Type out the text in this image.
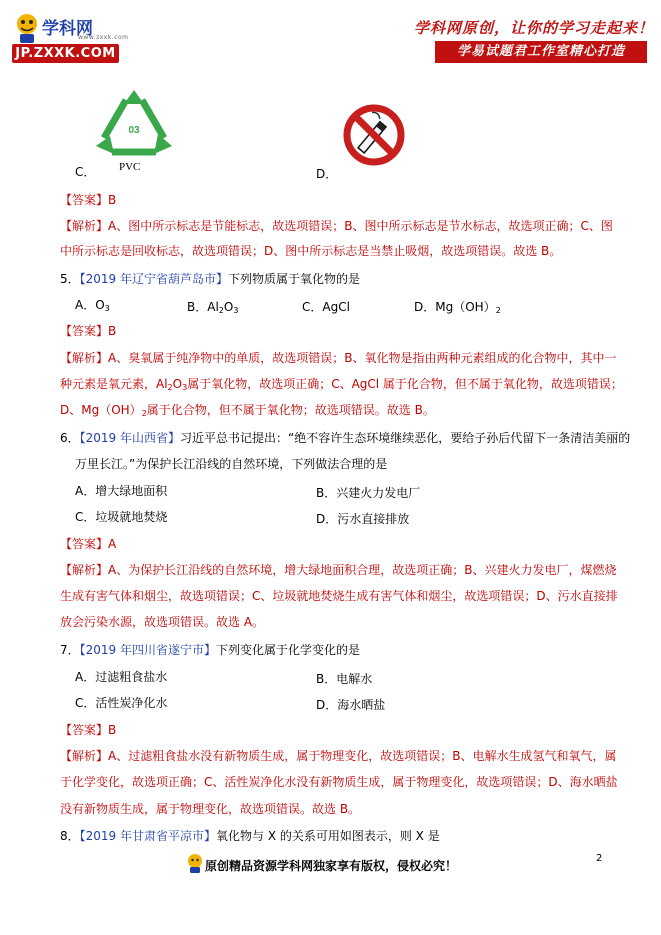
学科网
www.zxxk.com
JP.ZXXK.COM
学科网原创，让你的学习走起来！
学易试题君工作室精心打造
03
PVC
C．	D．
【答案】B
【解析】A、图中所示标志是节能标志，故选项错误；B、图中所示标志是节水标志，故选项正确；C、图
中所示标志是回收标志，故选项错误；D、图中所示标志是当禁止吸烟，故选项错误。故选 B。
5．【2019 年辽宁省葫芦岛市】下列物质属于氧化物的是
A．$O_3$	B．$Al_2O_3$	C．AgCl	D．$Mg(OH)_2$
【答案】B
【解析】A、臭氧属于纯净物中的单质，故选项错误；B、氧化物是指由两种元素组成的化合物中，其中一
种元素是氧元素，$Al_2O_3$属于氧化物，故选项正确；C、AgCl 属于化合物，但不属于氧化物，故选项错误；
D、$Mg(OH)_2$属于化合物，但不属于氧化物；故选项错误。故选 B。
6．【2019 年山西省】习近平总书记提出：“绝不容许生态环境继续恶化，要给子孙后代留下一条清洁美丽的
万里长江。”为保护长江沿线的自然环境，下列做法合理的是
A．增大绿地面积	B．兴建火力发电厂
C．垃圾就地焚烧	D．污水直接排放
【答案】A
【解析】A、为保护长江沿线的自然环境，增大绿地面积合理，故选项正确；B、兴建火力发电厂，煤燃烧
生成有害气体和烟尘，故选项错误；C、垃圾就地焚烧生成有害气体和烟尘，故选项错误；D、污水直接排
放会污染水源，故选项错误。故选 A。
7．【2019 年四川省遂宁市】下列变化属于化学变化的是
A．过滤粗食盐水	B．电解水
C．活性炭净化水	D．海水晒盐
【答案】B
【解析】A、过滤粗食盐水没有新物质生成，属于物理变化，故选项错误；B、电解水生成氢气和氧气，属
于化学变化，故选项正确；C、活性炭净化水没有新物质生成，属于物理变化，故选项错误；D、海水晒盐
没有新物质生成，属于物理变化，故选项错误。故选 B。
8．【2019 年甘肃省平凉市】氧化物与 X 的关系可用如图表示，则 X 是
原创精品资源学科网独家享有版权，侵权必究！
2
